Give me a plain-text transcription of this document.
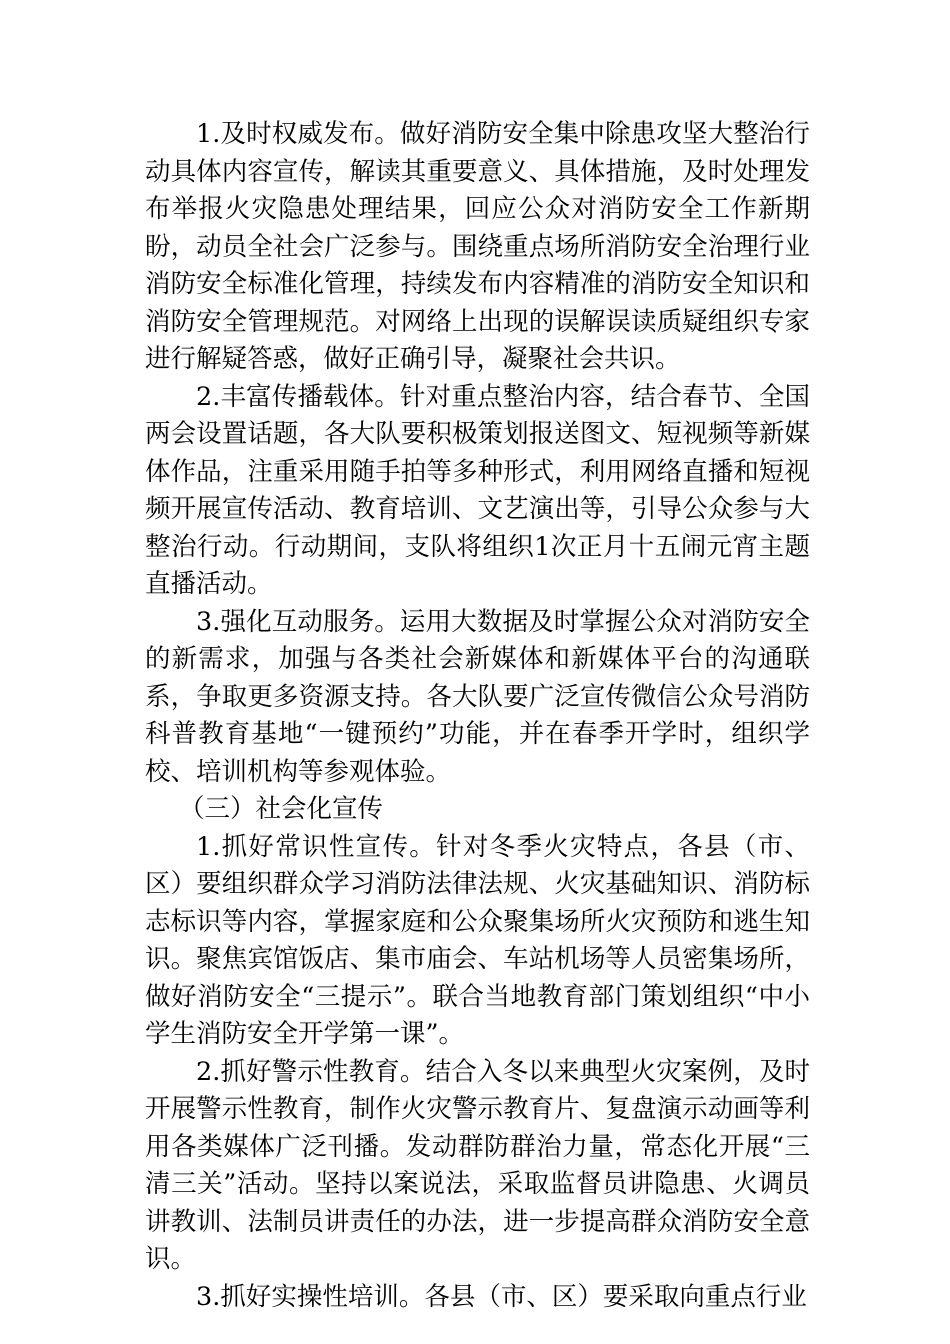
1.及时权威发布。做好消防安全集中除患攻坚大整治行动具体内容宣传，解读其重要意义、具体措施，及时处理发布举报火灾隐患处理结果，回应公众对消防安全工作新期盼，动员全社会广泛参与。围绕重点场所消防安全治理行业消防安全标准化管理，持续发布内容精准的消防安全知识和消防安全管理规范。对网络上出现的误解误读质疑组织专家进行解疑答惑，做好正确引导，凝聚社会共识。

2.丰富传播载体。针对重点整治内容，结合春节、全国两会设置话题，各大队要积极策划报送图文、短视频等新媒体作品，注重采用随手拍等多种形式，利用网络直播和短视频开展宣传活动、教育培训、文艺演出等，引导公众参与大整治行动。行动期间，支队将组织1次正月十五闹元宵主题直播活动。

3.强化互动服务。运用大数据及时掌握公众对消防安全的新需求，加强与各类社会新媒体和新媒体平台的沟通联系，争取更多资源支持。各大队要广泛宣传微信公众号消防科普教育基地“一键预约”功能，并在春季开学时，组织学校、培训机构等参观体验。

（三）社会化宣传

1.抓好常识性宣传。针对冬季火灾特点，各县（市、区）要组织群众学习消防法律法规、火灾基础知识、消防标志标识等内容，掌握家庭和公众聚集场所火灾预防和逃生知识。聚焦宾馆饭店、集市庙会、车站机场等人员密集场所，做好消防安全“三提示”。联合当地教育部门策划组织“中小学生消防安全开学第一课”。

2.抓好警示性教育。结合入冬以来典型火灾案例，及时开展警示性教育，制作火灾警示教育片、复盘演示动画等利用各类媒体广泛刊播。发动群防群治力量，常态化开展“三清三关”活动。坚持以案说法，采取监督员讲隐患、火调员讲教训、法制员讲责任的办法，进一步提高群众消防安全意识。

3.抓好实操性培训。各县（市、区）要采取向重点行业
